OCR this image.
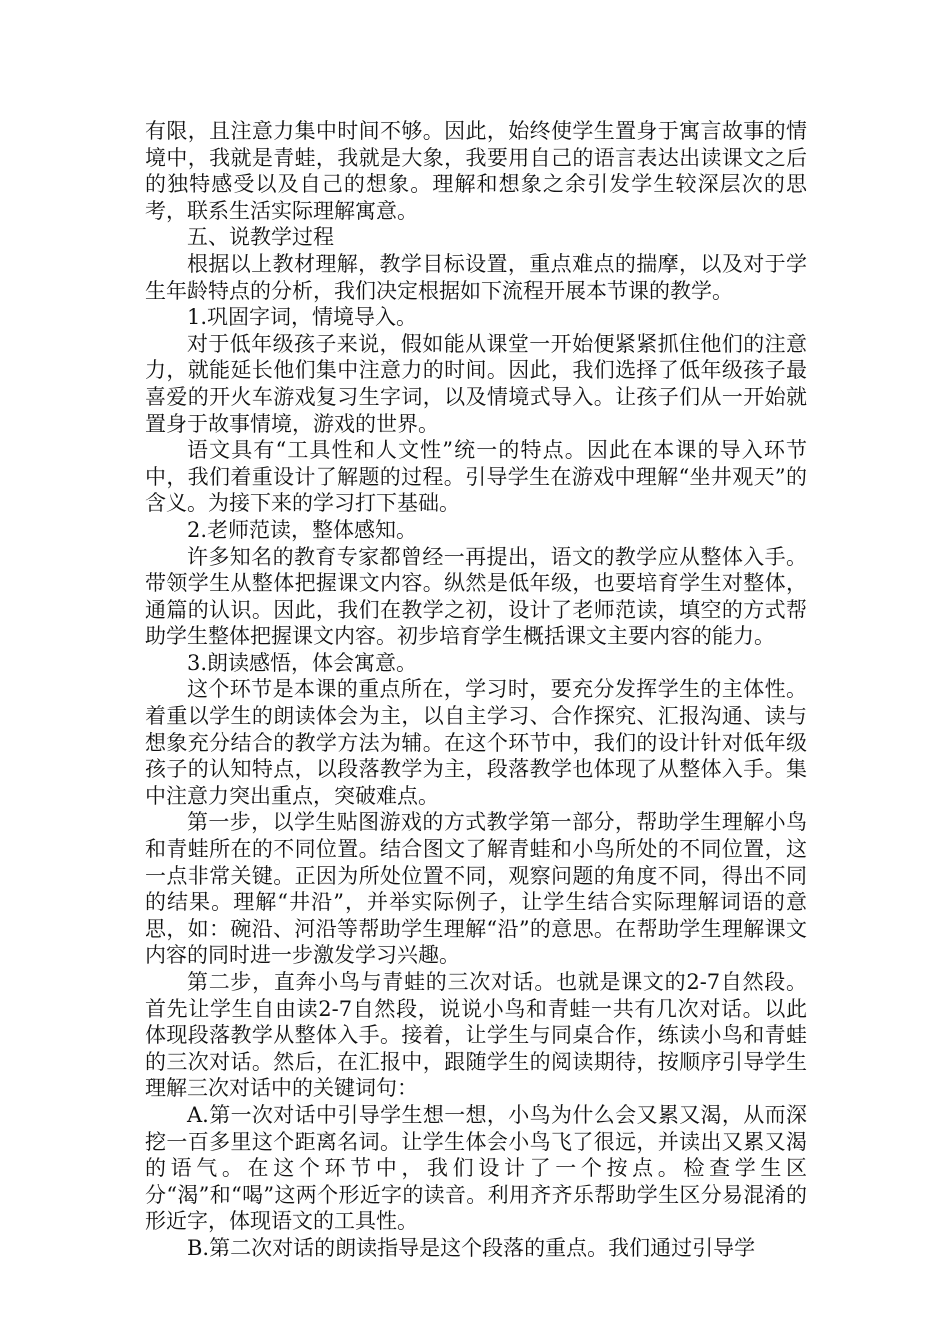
有限，且注意力集中时间不够。因此，始终使学生置身于寓言故事的情境中，我就是青蛙，我就是大象，我要用自己的语言表达出读课文之后的独特感受以及自己的想象。理解和想象之余引发学生较深层次的思考，联系生活实际理解寓意。

五、说教学过程

根据以上教材理解，教学目标设置，重点难点的揣摩，以及对于学生年龄特点的分析，我们决定根据如下流程开展本节课的教学。

1.巩固字词，情境导入。

对于低年级孩子来说，假如能从课堂一开始便紧紧抓住他们的注意力，就能延长他们集中注意力的时间。因此，我们选择了低年级孩子最喜爱的开火车游戏复习生字词，以及情境式导入。让孩子们从一开始就置身于故事情境，游戏的世界。

语文具有“工具性和人文性”统一的特点。因此在本课的导入环节中，我们着重设计了解题的过程。引导学生在游戏中理解“坐井观天”的含义。为接下来的学习打下基础。

2.老师范读，整体感知。

许多知名的教育专家都曾经一再提出，语文的教学应从整体入手。带领学生从整体把握课文内容。纵然是低年级，也要培育学生对整体，通篇的认识。因此，我们在教学之初，设计了老师范读，填空的方式帮助学生整体把握课文内容。初步培育学生概括课文主要内容的能力。

3.朗读感悟，体会寓意。

这个环节是本课的重点所在，学习时，要充分发挥学生的主体性。着重以学生的朗读体会为主，以自主学习、合作探究、汇报沟通、读与想象充分结合的教学方法为辅。在这个环节中，我们的设计针对低年级孩子的认知特点，以段落教学为主，段落教学也体现了从整体入手。集中注意力突出重点，突破难点。

第一步，以学生贴图游戏的方式教学第一部分，帮助学生理解小鸟和青蛙所在的不同位置。结合图文了解青蛙和小鸟所处的不同位置，这一点非常关键。正因为所处位置不同，观察问题的角度不同，得出不同的结果。理解“井沿”，并举实际例子，让学生结合实际理解词语的意思，如：碗沿、河沿等帮助学生理解“沿”的意思。在帮助学生理解课文内容的同时进一步激发学习兴趣。

第二步，直奔小鸟与青蛙的三次对话。也就是课文的2-7自然段。首先让学生自由读2-7自然段，说说小鸟和青蛙一共有几次对话。以此体现段落教学从整体入手。接着，让学生与同桌合作，练读小鸟和青蛙的三次对话。然后，在汇报中，跟随学生的阅读期待，按顺序引导学生理解三次对话中的关键词句：

A.第一次对话中引导学生想一想，小鸟为什么会又累又渴，从而深挖一百多里这个距离名词。让学生体会小鸟飞了很远，并读出又累又渴的语气。在这个环节中，我们设计了一个按点。检查学生区分“渴”和“喝”这两个形近字的读音。利用齐齐乐帮助学生区分易混淆的形近字，体现语文的工具性。

B.第二次对话的朗读指导是这个段落的重点。我们通过引导学
